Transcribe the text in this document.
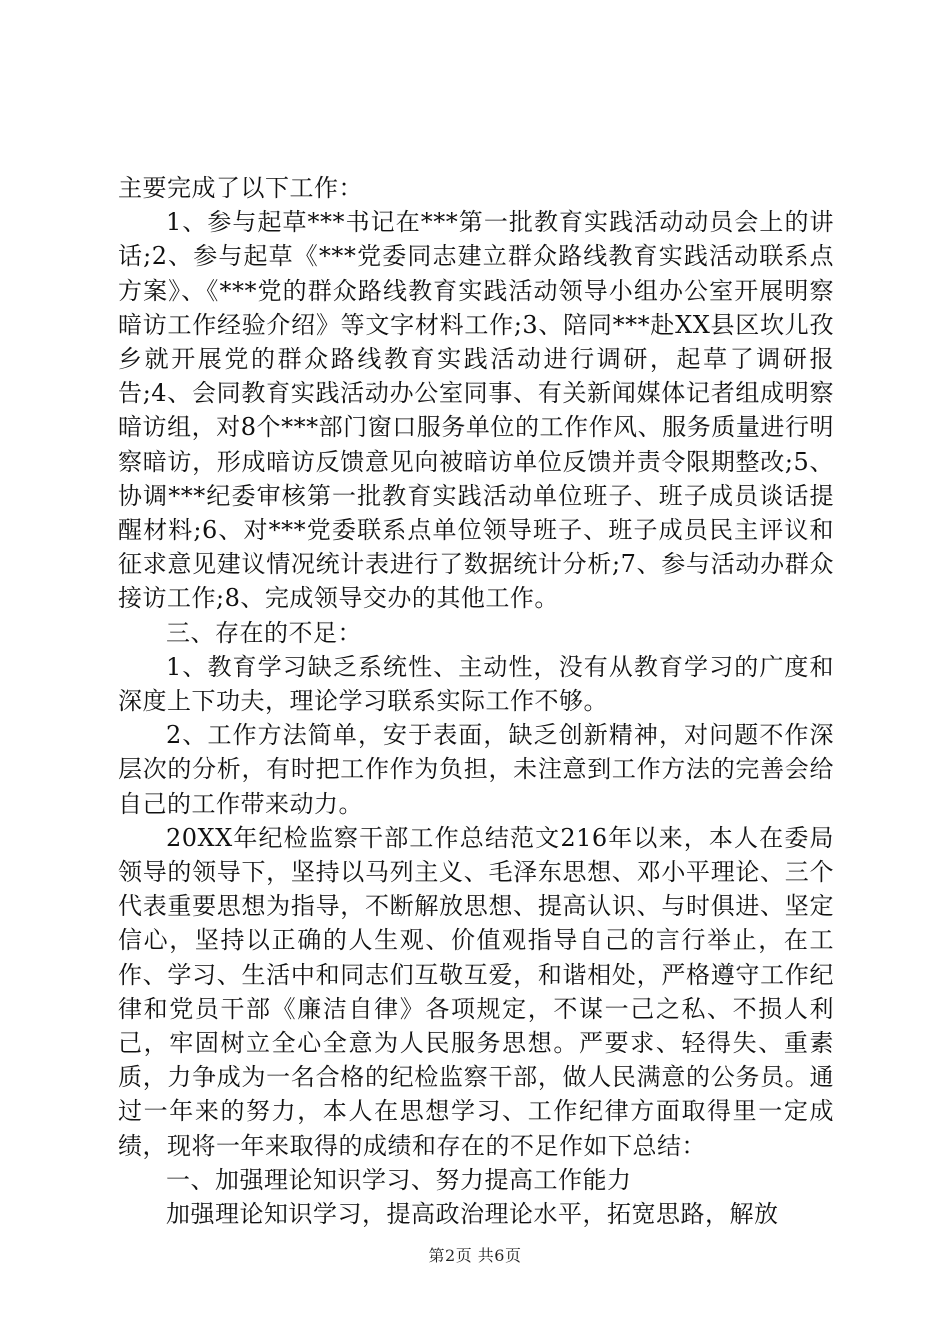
主要完成了以下工作：

1、参与起草***书记在***第一批教育实践活动动员会上的讲话;2、参与起草《***党委同志建立群众路线教育实践活动联系点方案》、《***党的群众路线教育实践活动领导小组办公室开展明察暗访工作经验介绍》等文字材料工作;3、陪同***赴XX县区坎儿孜乡就开展党的群众路线教育实践活动进行调研，起草了调研报告;4、会同教育实践活动办公室同事、有关新闻媒体记者组成明察暗访组，对8个***部门窗口服务单位的工作作风、服务质量进行明察暗访，形成暗访反馈意见向被暗访单位反馈并责令限期整改;5、协调***纪委审核第一批教育实践活动单位班子、班子成员谈话提醒材料;6、对***党委联系点单位领导班子、班子成员民主评议和征求意见建议情况统计表进行了数据统计分析;7、参与活动办群众接访工作;8、完成领导交办的其他工作。

三、存在的不足：

1、教育学习缺乏系统性、主动性，没有从教育学习的广度和深度上下功夫，理论学习联系实际工作不够。

2、工作方法简单，安于表面，缺乏创新精神，对问题不作深层次的分析，有时把工作作为负担，未注意到工作方法的完善会给自己的工作带来动力。

20XX年纪检监察干部工作总结范文216年以来，本人在委局领导的领导下，坚持以马列主义、毛泽东思想、邓小平理论、三个代表重要思想为指导，不断解放思想、提高认识、与时俱进、坚定信心，坚持以正确的人生观、价值观指导自己的言行举止，在工作、学习、生活中和同志们互敬互爱，和谐相处，严格遵守工作纪律和党员干部《廉洁自律》各项规定，不谋一己之私、不损人利己，牢固树立全心全意为人民服务思想。严要求、轻得失、重素质，力争成为一名合格的纪检监察干部，做人民满意的公务员。通过一年来的努力，本人在思想学习、工作纪律方面取得里一定成绩，现将一年来取得的成绩和存在的不足作如下总结：

一、加强理论知识学习、努力提高工作能力

加强理论知识学习，提高政治理论水平，拓宽思路，解放

第2页 共6页
